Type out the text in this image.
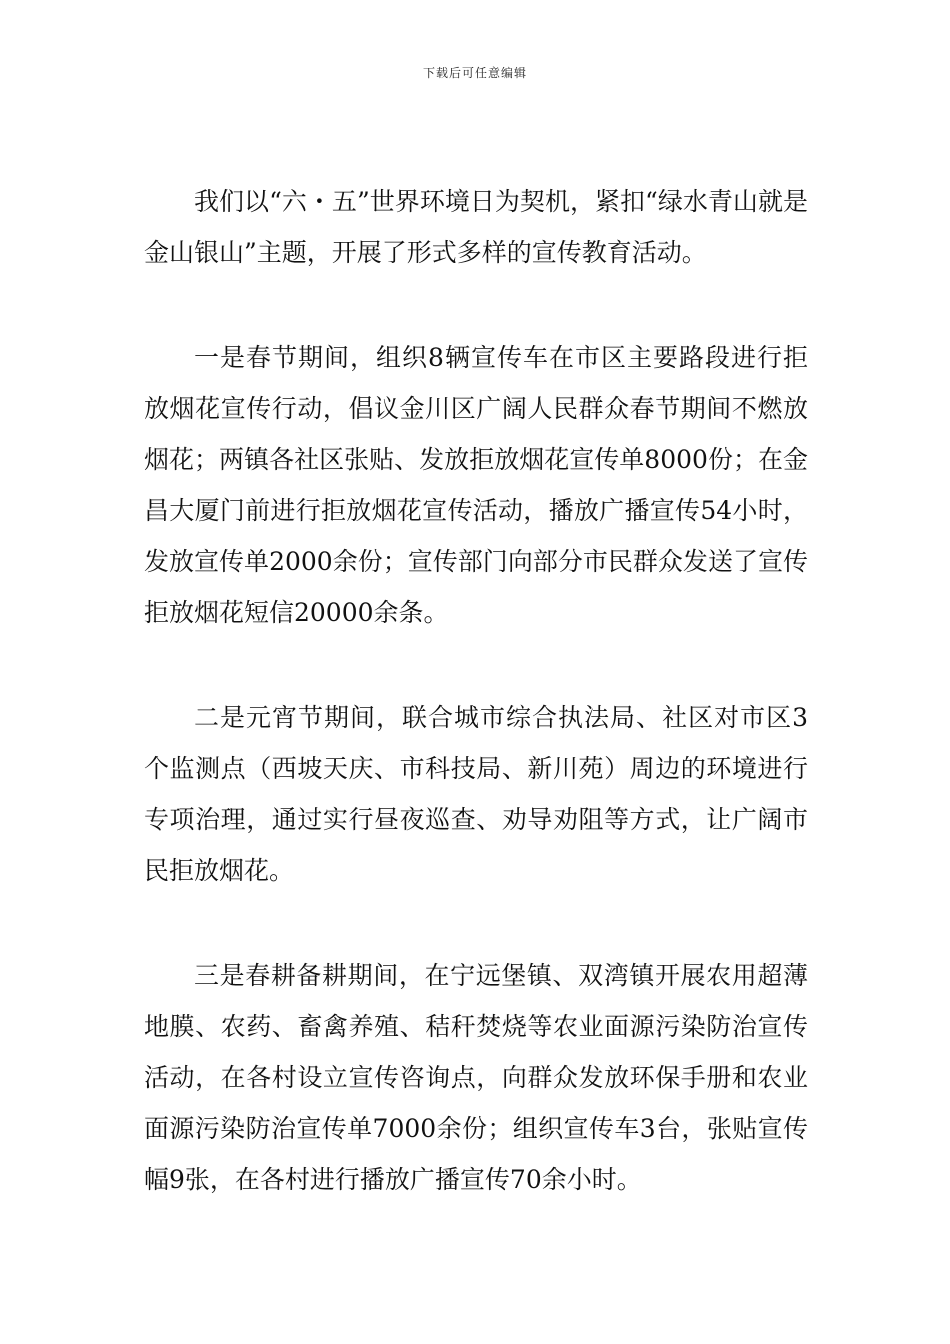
下载后可任意编辑

我们以“六・五”世界环境日为契机，紧扣“绿水青山就是金山银山”主题，开展了形式多样的宣传教育活动。

一是春节期间，组织8辆宣传车在市区主要路段进行拒放烟花宣传行动，倡议金川区广阔人民群众春节期间不燃放烟花；两镇各社区张贴、发放拒放烟花宣传单8000份；在金昌大厦门前进行拒放烟花宣传活动，播放广播宣传54小时，发放宣传单2000余份；宣传部门向部分市民群众发送了宣传拒放烟花短信20000余条。

二是元宵节期间，联合城市综合执法局、社区对市区3个监测点（西坡天庆、市科技局、新川苑）周边的环境进行专项治理，通过实行昼夜巡查、劝导劝阻等方式，让广阔市民拒放烟花。

三是春耕备耕期间，在宁远堡镇、双湾镇开展农用超薄地膜、农药、畜禽养殖、秸秆焚烧等农业面源污染防治宣传活动，在各村设立宣传咨询点，向群众发放环保手册和农业面源污染防治宣传单7000余份；组织宣传车3台，张贴宣传幅9张，在各村进行播放广播宣传70余小时。
